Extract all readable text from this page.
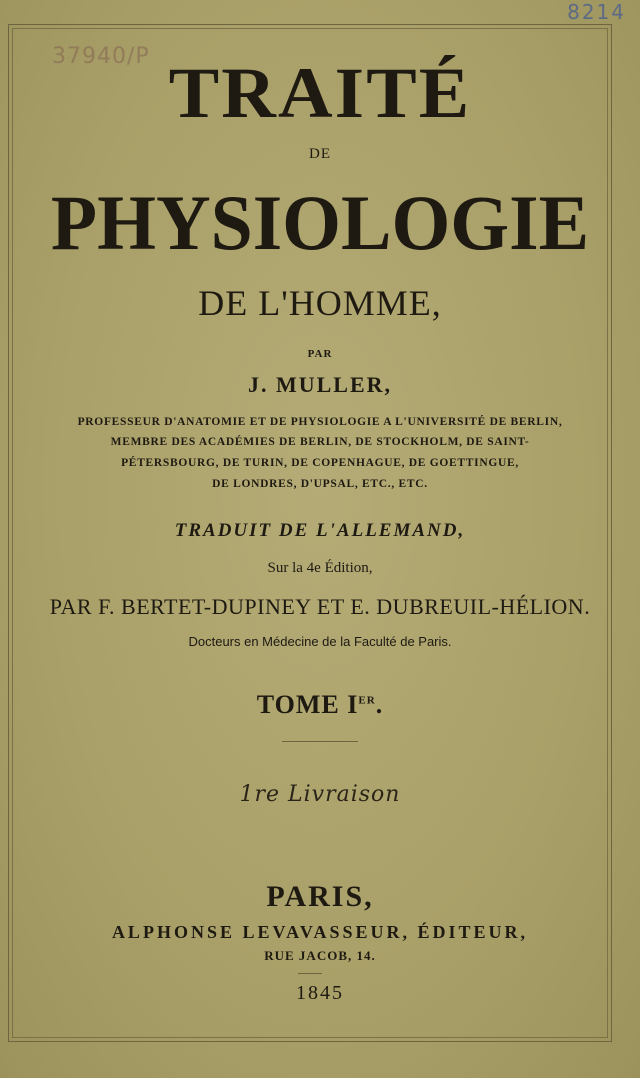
8214
37940/P TRAITÉ
DE
PHYSIOLOGIE
DE L'HOMME,
PAR
J. MULLER,
PROFESSEUR D'ANATOMIE ET DE PHYSIOLOGIE A L'UNIVERSITÉ DE BERLIN,
MEMBRE DES ACADÉMIES DE BERLIN, DE STOCKHOLM, DE SAINT-
PÉTERSBOURG, DE TURIN, DE COPENHAGUE, DE GOETTINGUE,
DE LONDRES, D'UPSAL, ETC., ETC.
TRADUIT DE L'ALLEMAND,
Sur la 4e Édition,
PAR F. BERTET-DUPINEY ET E. DUBREUIL-HÉLION.
Docteurs en Médecine de la Faculté de Paris.
TOME IER.
1re Livraison
PARIS,
ALPHONSE LEVAVASSEUR, ÉDITEUR,
RUE JACOB, 14.
1845
